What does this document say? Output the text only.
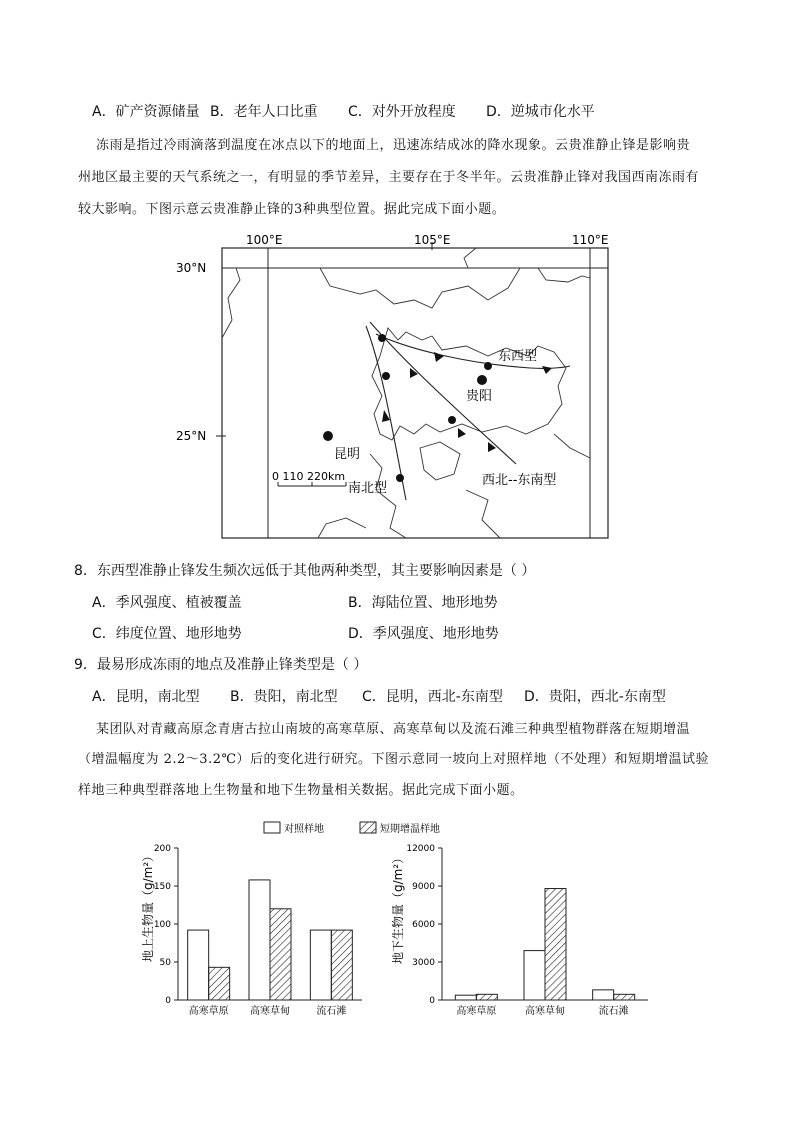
A．矿产资源储量 B．老年人口比重 C．对外开放程度 D．逆城市化水平
冻雨是指过冷雨滴落到温度在冰点以下的地面上，迅速冻结成冰的降水现象。云贵准静止锋是影响贵
州地区最主要的天气系统之一，有明显的季节差异，主要存在于冬半年。云贵准静止锋对我国西南冻雨有
较大影响。下图示意云贵准静止锋的3种典型位置。据此完成下面小题。
100°E	105°E	110°E
30°N
25°N
昆明
贵阳
东西型
南北型
西北--东南型
0 110 220km
8．东西型准静止锋发生频次远低于其他两种类型，其主要影响因素是（ ）
A．季风强度、植被覆盖	B．海陆位置、地形地势
C．纬度位置、地形地势	D．季风强度、地形地势
9．最易形成冻雨的地点及准静止锋类型是（ ）
A．昆明，南北型 B．贵阳，南北型 C．昆明，西北-东南型 D．贵阳，西北-东南型
某团队对青藏高原念青唐古拉山南坡的高寒草原、高寒草甸以及流石滩三种典型植物群落在短期增温
（增温幅度为 2.2～3.2℃）后的变化进行研究。下图示意同一坡向上对照样地（不处理）和短期增温试验
样地三种典型群落地上生物量和地下生物量相关数据。据此完成下面小题。
对照样地	短期增温样地
地上生物量（g/m²）	地下生物量（g/m²）
0
50
100
150
200
高寒草原 高寒草甸	流石滩
0
3000
6000
9000
12000
高寒草原	高寒草甸	流石滩
